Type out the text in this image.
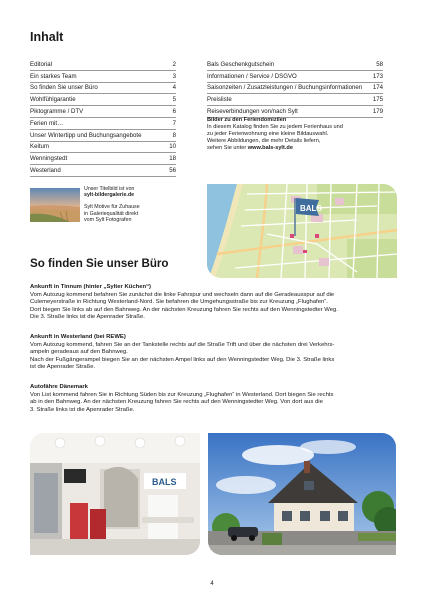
Inhalt
Editorial	2
Ein starkes Team	3
So finden Sie unser Büro	4
Wohlfühlgarantie	5
Piktogramme / DTV	6
Ferien mit…	7
Unser Wintertipp und Buchungsangebote	8
Keitum	10
Wenningstedt	18
Westerland	56
Bals Geschenkgutschein	58
Informationen / Service / DSGVO	173
Saisonzeiten / Zusatzleistungen / Buchungsinformationen	174
Preisliste	175
Reiseverbindungen von/nach Sylt	179
Bilder zu den Feriendomizilen
In diesem Katalog finden Sie zu jedem Ferienhaus und
zu jeder Ferienwohnung eine kleine Bildauswahl.
Weitere Abbildungen, die mehr Details liefern,
sehen Sie unter www.bals-sylt.de
Unser Titelbild ist von
sylt-bildergalerie.de
Sylt Motive für Zuhause
in Galeriequalität direkt
vom Sylt Fotografen
BALS
So finden Sie unser Büro
Ankunft in Tinnum (hinter „Sylter Küchen“)
Vom Autozug kommend befahren Sie zunächst die linke Fahrspur und wechseln dann auf die Geradeausspur auf die
Culemeyerstraße in Richtung Westerland-Nord. Sie befahren die Umgehungsstraße bis zur Kreuzung „Flughafen“.
Dort biegen Sie links ab auf den Bahnweg. An der nächsten Kreuzung fahren Sie rechts auf den Wenningstedter Weg.
Die 3. Straße links ist die Apenrader Straße.
Ankunft in Westerland (bei REWE)
Vom Autozug kommend, fahren Sie an der Tankstelle rechts auf die Straße Trift und über die nächsten drei Verkehrs-
ampeln geradeaus auf den Bahnweg.
Nach der Fußgängerampel biegen Sie an der nächsten Ampel links auf den Wenningstedter Weg. Die 3. Straße links
ist die Apenrader Straße.
Autofähre Dänemark
Von List kommend fahren Sie in Richtung Süden bis zur Kreuzung „Flughafen“ in Westerland. Dort biegen Sie rechts
ab in den Bahnweg. An der nächsten Kreuzung fahren Sie rechts auf den Wenningstedter Weg. Von dort aus die
3. Straße links ist die Apenrader Straße.
BALS
4
